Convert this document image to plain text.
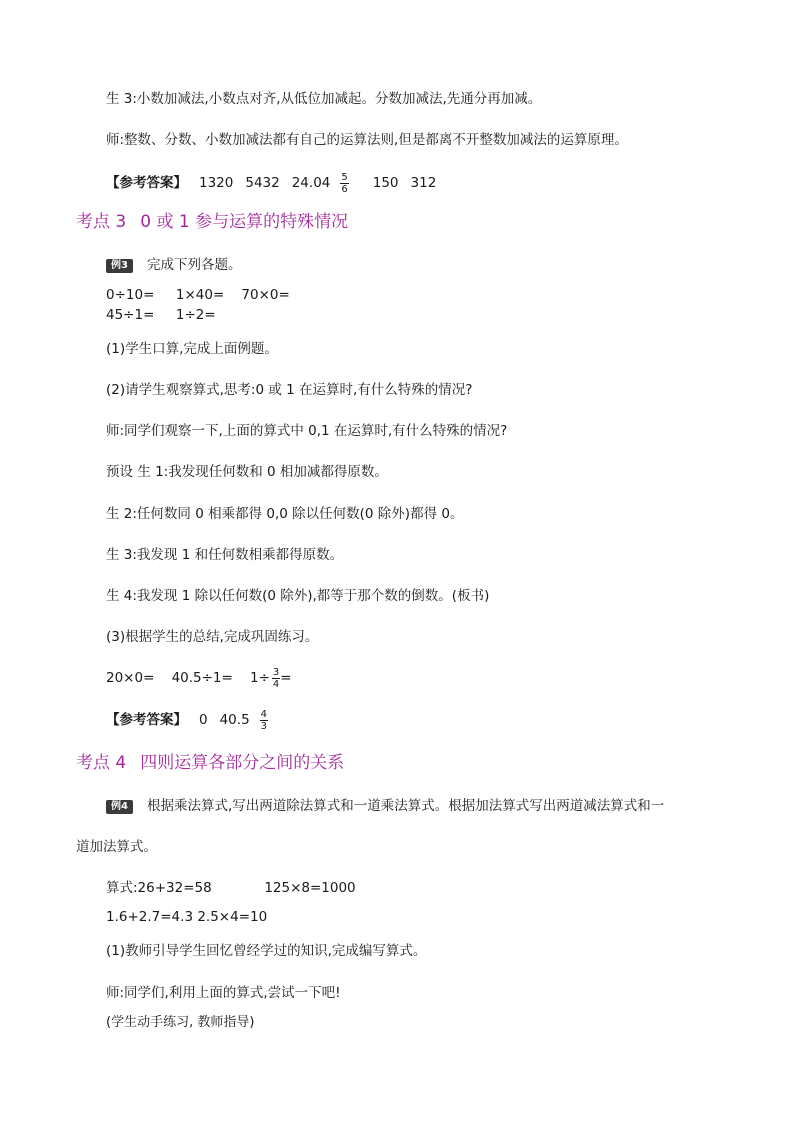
生 3:小数加减法,小数点对齐,从低位加减起。分数加减法,先通分再加减。
师:整数、分数、小数加减法都有自己的运算法则,但是都离不开整数加减法的运算原理。
【参考答案】 1320 5432 $24.04 \frac{5}{6} 150$ 312
考点 3 0 或 1 参与运算的特殊情况
例3 完成下列各题。
0÷10= 1×40= 70×0=
45÷1= 1÷2=
(1)学生口算,完成上面例题。
(2)请学生观察算式,思考:0 或 1 在运算时,有什么特殊的情况?
师:同学们观察一下,上面的算式中 0,1 在运算时,有什么特殊的情况?
预设 生 1:我发现任何数和 0 相加减都得原数。
生 2:任何数同 0 相乘都得 0,0 除以任何数(0 除外)都得 0。
生 3:我发现 1 和任何数相乘都得原数。
生 4:我发现 1 除以任何数(0 除外),都等于那个数的倒数。(板书)
(3)根据学生的总结,完成巩固练习。
20×0=
40.5÷1=
$1\div \frac{3}{4}$ =
【参考答案】 0 $40.5 \frac{4}{3}$
考点 4 四则运算各部分之间的关系
例4 根据乘法算式,写出两道除法算式和一道乘法算式。根据加法算式写出两道减法算式和一
道加法算式。
算式:26+32=58	125×8=1000
1.6+2.7=4.3 2.5×4=10
(1)教师引导学生回忆曾经学过的知识,完成编写算式。
师:同学们,利用上面的算式,尝试一下吧!
(学生动手练习, 教师指导)
